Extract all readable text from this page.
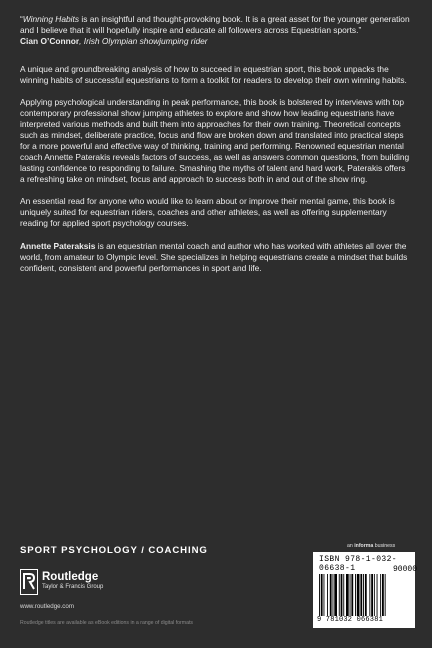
“Winning Habits is an insightful and thought-provoking book. It is a great asset for the younger generation and I believe that it will hopefully inspire and educate all followers across Equestrian sports.”

Cian O’Connor, Irish Olympian showjumping rider

A unique and groundbreaking analysis of how to succeed in equestrian sport, this book unpacks the winning habits of successful equestrians to form a toolkit for readers to develop their own winning habits.

Applying psychological understanding in peak performance, this book is bolstered by interviews with top contemporary professional show jumping athletes to explore and show how leading equestrians have interpreted various methods and built them into approaches for their own training. Theoretical concepts such as mindset, deliberate practice, focus and flow are broken down and translated into practical steps for a more powerful and effective way of thinking, training and performing. Renowned equestrian mental coach Annette Paterakis reveals factors of success, as well as answers common questions, from building lasting confidence to responding to failure. Smashing the myths of talent and hard work, Paterakis offers a refreshing take on mindset, focus and approach to success both in and out of the show ring.

An essential read for anyone who would like to learn about or improve their mental game, this book is uniquely suited for equestrian riders, coaches and other athletes, as well as offering supplementary reading for applied sport psychology courses.

Annette Pateraksis is an equestrian mental coach and author who has worked with athletes all over the world, from amateur to Olympic level. She specializes in helping equestrians create a mindset that builds confident, consistent and powerful performances in sport and life.

SPORT PSYCHOLOGY / COACHING
Routledge
Taylor & Francis Group
www.routledge.com
Routledge titles are available as eBook editions in a range of digital formats
an informa business
ISBN 978-1-032-06638-1	90000
9 781032 066381
